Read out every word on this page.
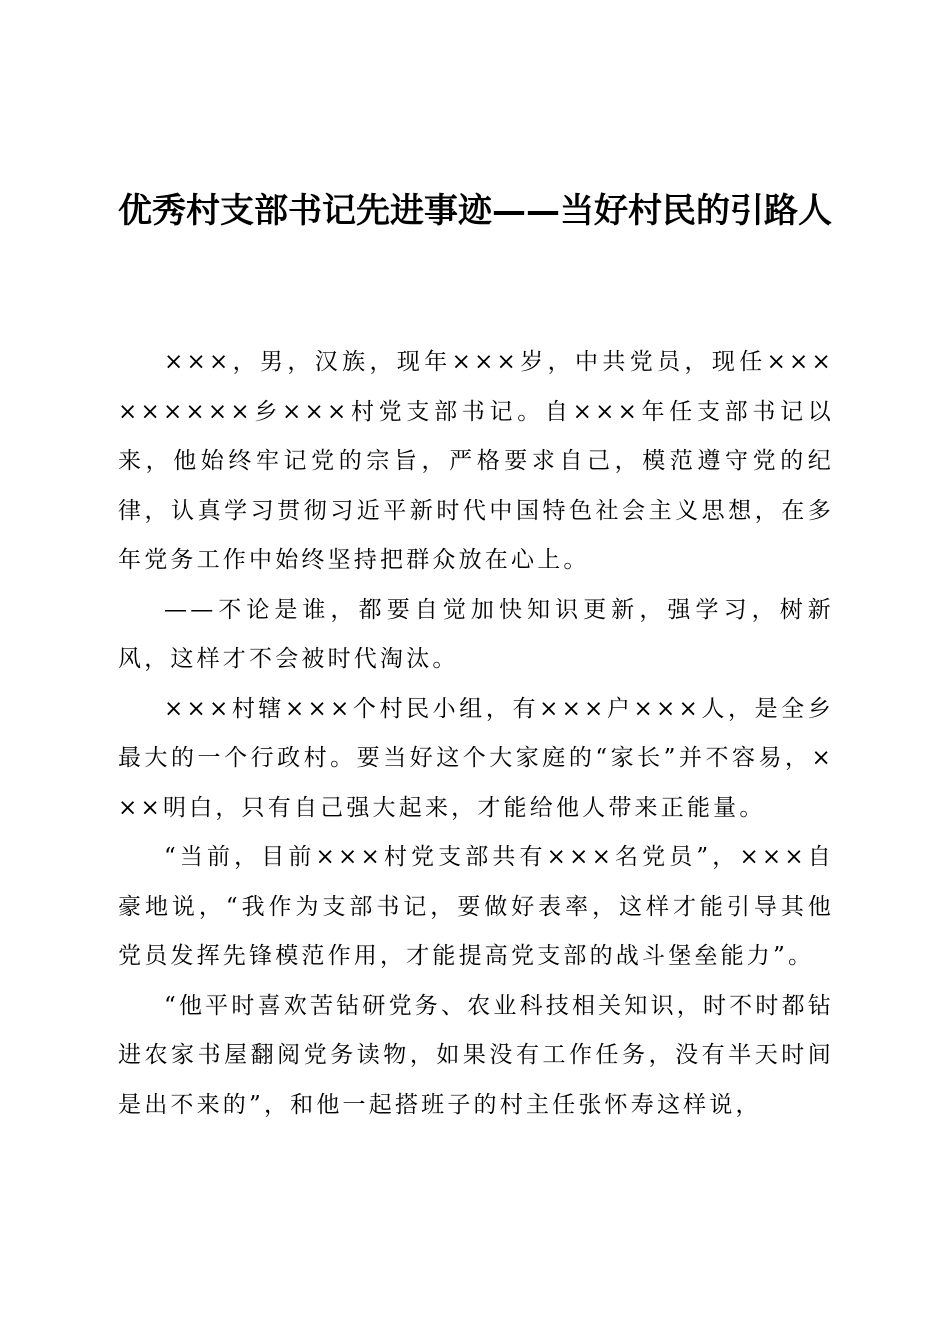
优秀村支部书记先进事迹——当好村民的引路人

×××，男，汉族，现年×××岁，中共党员，现任×××××××××乡×××村党支部书记。自×××年任支部书记以来，他始终牢记党的宗旨，严格要求自己，模范遵守党的纪律，认真学习贯彻习近平新时代中国特色社会主义思想，在多年党务工作中始终坚持把群众放在心上。

——不论是谁，都要自觉加快知识更新，强学习，树新风，这样才不会被时代淘汰。

×××村辖×××个村民小组，有×××户×××人，是全乡最大的一个行政村。要当好这个大家庭的“家长”并不容易，×××明白，只有自己强大起来，才能给他人带来正能量。

“当前，目前×××村党支部共有×××名党员”，×××自豪地说，“我作为支部书记，要做好表率，这样才能引导其他党员发挥先锋模范作用，才能提高党支部的战斗堡垒能力”。

“他平时喜欢苦钻研党务、农业科技相关知识，时不时都钻进农家书屋翻阅党务读物，如果没有工作任务，没有半天时间是出不来的”，和他一起搭班子的村主任张怀寿这样说，
